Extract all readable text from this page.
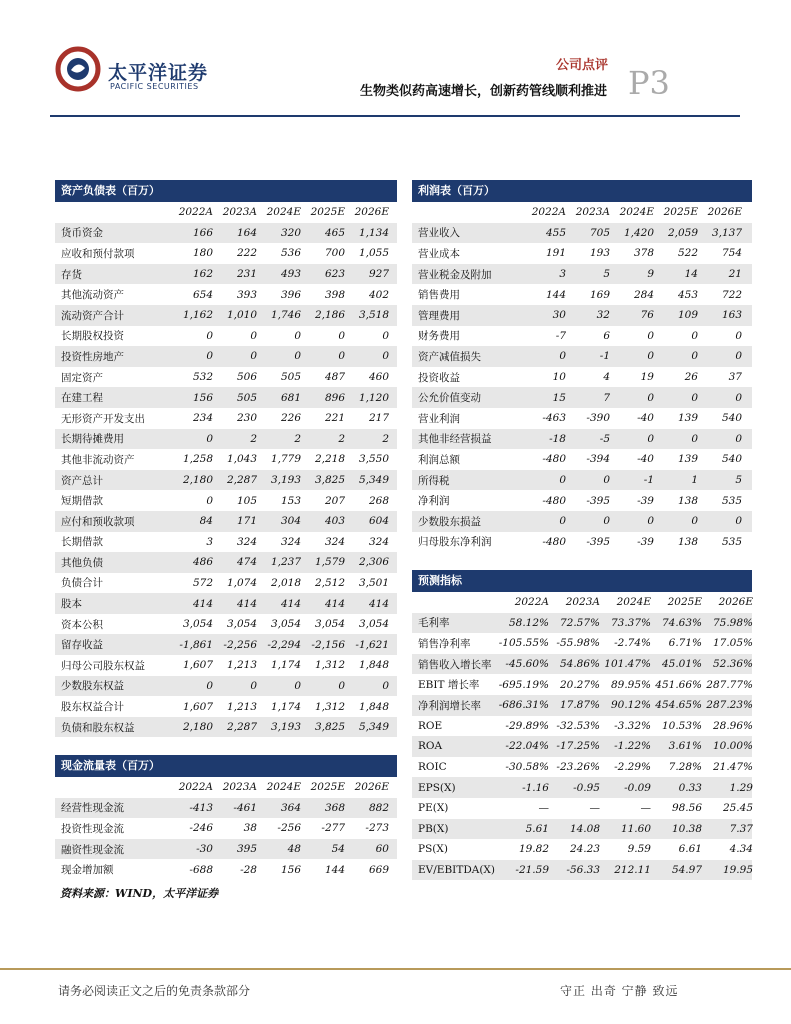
太平洋证券
PACIFIC SECURITIES
公司点评
生物类似药高速增长，创新药管线顺利推进 P3
资产负债表（百万）
2022A 2023A 2024E 2025E 2026E
货币资金	166	164	320	465	1,134
应收和预付款项	180	222	536	700	1,055
存货	162	231	493	623	927
其他流动资产	654	393	396	398	402
流动资产合计	1,162	1,010	1,746	2,186	3,518
长期股权投资	0	0	0	0	0
投资性房地产	0	0	0	0	0
固定资产	532	506	505	487	460
在建工程	156	505	681	896	1,120
无形资产开发支出	234	230	226	221	217
长期待摊费用	0	2	2	2	2
其他非流动资产	1,258	1,043	1,779	2,218	3,550
资产总计	2,180	2,287	3,193	3,825	5,349
短期借款	0	105	153	207	268
应付和预收款项	84	171	304	403	604
长期借款	3	324	324	324	324
其他负债	486	474	1,237	1,579	2,306
负债合计	572	1,074	2,018	2,512	3,501
股本	414	414	414	414	414
资本公积	3,054	3,054	3,054	3,054	3,054
留存收益	-1,861 -2,256 -2,294 -2,156 -1,621
归母公司股东权益	1,607	1,213	1,174	1,312	1,848
少数股东权益	0	0	0	0	0
股东权益合计	1,607	1,213	1,174	1,312	1,848
负债和股东权益	2,180	2,287	3,193	3,825	5,349
利润表（百万）
2022A 2023A 2024E 2025E 2026E
营业收入	455	705	1,420	2,059	3,137
营业成本	191	193	378	522	754
营业税金及附加	3	5	9	14	21
销售费用	144	169	284	453	722
管理费用	30	32	76	109	163
财务费用	-7	6	0	0	0
资产减值损失	0	-1	0	0	0
投资收益	10	4	19	26	37
公允价值变动	15	7	0	0	0
营业利润	-463	-390	-40	139	540
其他非经营损益	-18	-5	0	0	0
利润总额	-480	-394	-40	139	540
所得税	0	0	-1	1	5
净利润	-480	-395	-39	138	535
少数股东损益	0	0	0	0	0
归母股东净利润	-480	-395	-39	138	535
预测指标
2022A	2023A	2024E	2025E	2026E
毛利率	58.12%	72.57%	73.37%	74.63%	75.98%
销售净利率	-105.55% -55.98%	-2.74%	6.71%	17.05%
销售收入增长率	-45.60%	54.86% 101.47%	45.01%	52.36%
EBIT 增长率	-695.19%	20.27%	89.95% 451.66% 287.77%
净利润增长率	-686.31%	17.87%	90.12% 454.65% 287.23%
ROE	-29.89% -32.53%	-3.32%	10.53%	28.96%
ROA	-22.04% -17.25%	-1.22%	3.61%	10.00%
ROIC	-30.58% -23.26%	-2.29%	7.28%	21.47%
EPS(X)	-1.16	-0.95	-0.09	0.33	1.29
PE(X)	—	—	—	98.56	25.45
PB(X)	5.61	14.08	11.60	10.38	7.37
PS(X)	19.82	24.23	9.59	6.61	4.34
EV/EBITDA(X)	-21.59	-56.33	212.11	54.97	19.95
现金流量表（百万）
2022A 2023A 2024E 2025E 2026E
经营性现金流	-413	-461	364	368	882
投资性现金流	-246	38	-256	-277	-273
融资性现金流	-30	395	48	54	60
现金增加额	-688	-28	156	144	669
资料来源：WIND，太平洋证券
请务必阅读正文之后的免责条款部分	守正 出奇 宁静 致远
